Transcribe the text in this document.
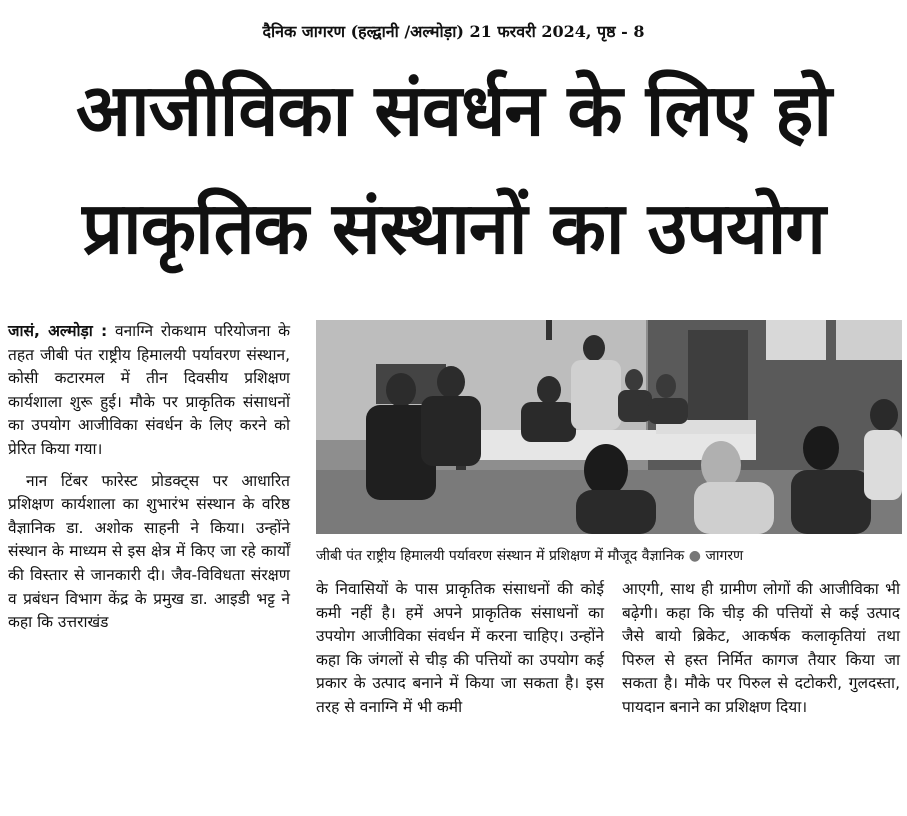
दैनिक जागरण (हल्द्वानी /अल्मोड़ा) 21 फरवरी 2024, पृष्ठ - 8
आजीविका संवर्धन के लिए हो
प्राकृतिक संस्थानों का उपयोग

जासं, अल्मोड़ा : वनाग्नि रोकथाम परियोजना के तहत जीबी पंत राष्ट्रीय हिमालयी पर्यावरण संस्थान, कोसी कटारमल में तीन दिवसीय प्रशिक्षण कार्यशाला शुरू हुई। मौके पर प्राकृतिक संसाधनों का उपयोग आजीविका संवर्धन के लिए करने को प्रेरित किया गया।

नान टिंबर फारेस्ट प्रोडक्ट्स पर आधारित प्रशिक्षण कार्यशाला का शुभारंभ संस्थान के वरिष्ठ वैज्ञानिक डा. अशोक साहनी ने किया। उन्होंने संस्थान के माध्यम से इस क्षेत्र में किए जा रहे कार्यों की विस्तार से जानकारी दी। जैव-विविधता संरक्षण व प्रबंधन विभाग केंद्र के प्रमुख डा. आइडी भट्ट ने कहा कि उत्तराखंड

जीबी पंत राष्ट्रीय हिमालयी पर्यावरण संस्थान में प्रशिक्षण में मौजूद वैज्ञानिक ● जागरण

के निवासियों के पास प्राकृतिक संसाधनों की कोई कमी नहीं है। हमें अपने प्राकृतिक संसाधनों का उपयोग आजीविका संवर्धन में करना चाहिए। उन्होंने कहा कि जंगलों से चीड़ की पत्तियों का उपयोग कई प्रकार के उत्पाद बनाने में किया जा सकता है। इस तरह से वनाग्नि में भी कमी

आएगी, साथ ही ग्रामीण लोगों की आजीविका भी बढ़ेगी। कहा कि चीड़ की पत्तियों से कई उत्पाद जैसे बायो ब्रिकेट, आकर्षक कलाकृतियां तथा पिरुल से हस्त निर्मित कागज तैयार किया जा सकता है। मौके पर पिरुल से दटोकरी, गुलदस्ता, पायदान बनाने का प्रशिक्षण दिया।
